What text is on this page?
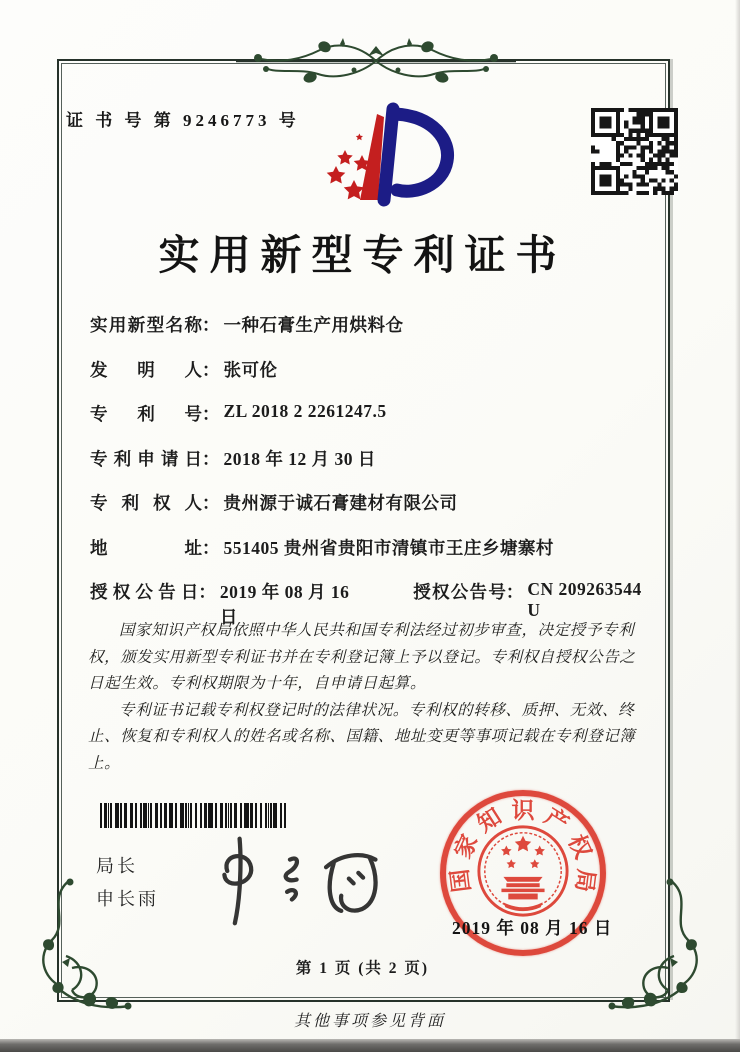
证 书 号 第 9246773 号
实用新型专利证书
实用新型名称 ： 一种石膏生产用烘料仓
发 明 人 ： 张可伦
专 利 号 ： ZL 2018 2 2261247.5
专利申请日 ： 2018 年 12 月 30 日
专 利 权 人 ： 贵州源于诚石膏建材有限公司
地 址 ： 551405 贵州省贵阳市清镇市王庄乡塘寨村
授权公告日 ： 2019 年 08 月 16 日
授权公告号 ： CN 209263544 U

国家知识产权局依照中华人民共和国专利法经过初步审查，决定授予专利权，颁发实用新型专利证书并在专利登记簿上予以登记。专利权自授权公告之日起生效。专利权期限为十年，自申请日起算。

专利证书记载专利权登记时的法律状况。专利权的转移、质押、无效、终止、恢复和专利权人的姓名或名称、国籍、地址变更等事项记载在专利登记簿上。

国
家
知 识 产
权
局
局长
申长雨
2019 年 08 月 16 日
第 1 页 (共 2 页)
其他事项参见背面
